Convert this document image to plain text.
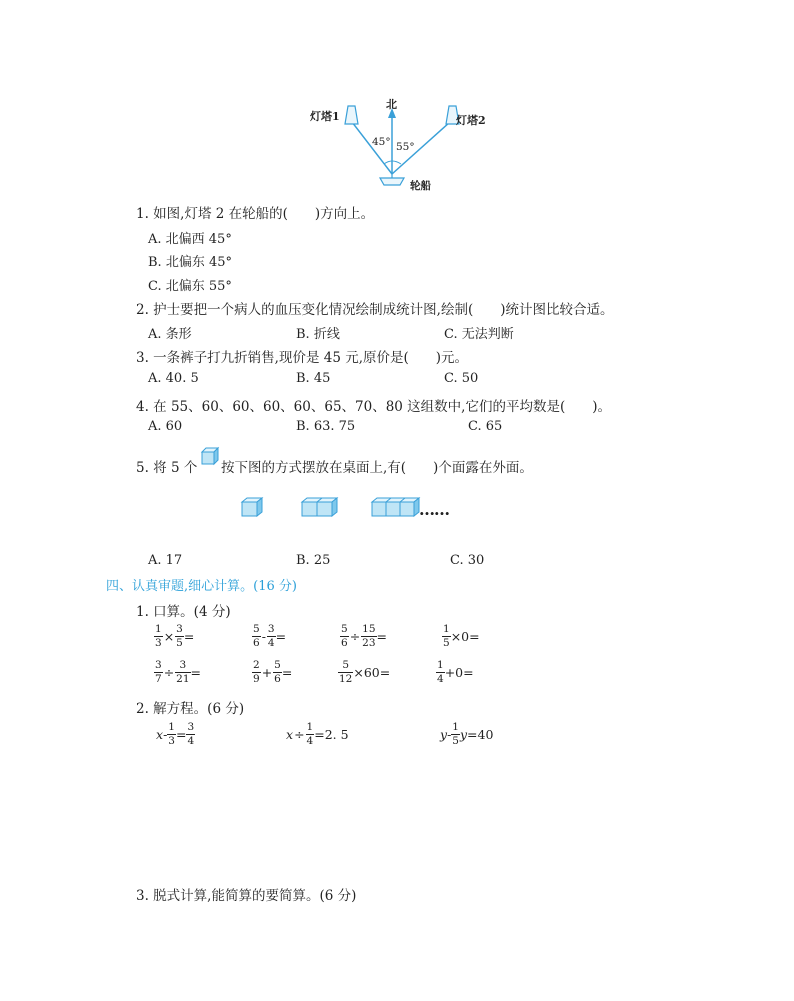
灯塔1	灯塔2
北
45° 55°
轮船
1. 如图,灯塔 2 在轮船的(　　)方向上。
A. 北偏西 45°
B. 北偏东 45°
C. 北偏东 55°
2. 护士要把一个病人的血压变化情况绘制成统计图,绘制(　　)统计图比较合适。
A. 条形	B. 折线	C. 无法判断
3. 一条裤子打九折销售,现价是 45 元,原价是(　　)元。
A. 40. 5	B. 45	C. 50
4. 在 55、60、60、60、60、65、70、80 这组数中,它们的平均数是(　　)。
A. 60	B. 63. 75	C. 65
5. 将 5 个 按下图的方式摆放在桌面上,有(　　)个面露在外面。
……
A. 17	B. 25	C. 30
四、认真审题,细心计算。(16 分)
1. 口算。(4 分)
$\frac{1}{3} \times \frac{3}{5}$ =	$\frac{5}{6} - \frac{3}{4}$ =	$\frac{5}{6} \div \frac{15}{23}$ =	$\frac{1}{5} \times 0=$
$\frac{3}{7} \div \frac{3}{21}$ =	$\frac{2}{9} + \frac{5}{6}$ =	$\frac{5}{12} \times 60=$	$\frac{1}{4} +0=$
2. 解方程。(6 分)
$x - \frac{1}{3} = \frac{3}{4}$	$x \div \frac{1}{4} =2$. 5	y - $\frac{1}{5}$ y =40
3. 脱式计算,能简算的要简算。(6 分)
